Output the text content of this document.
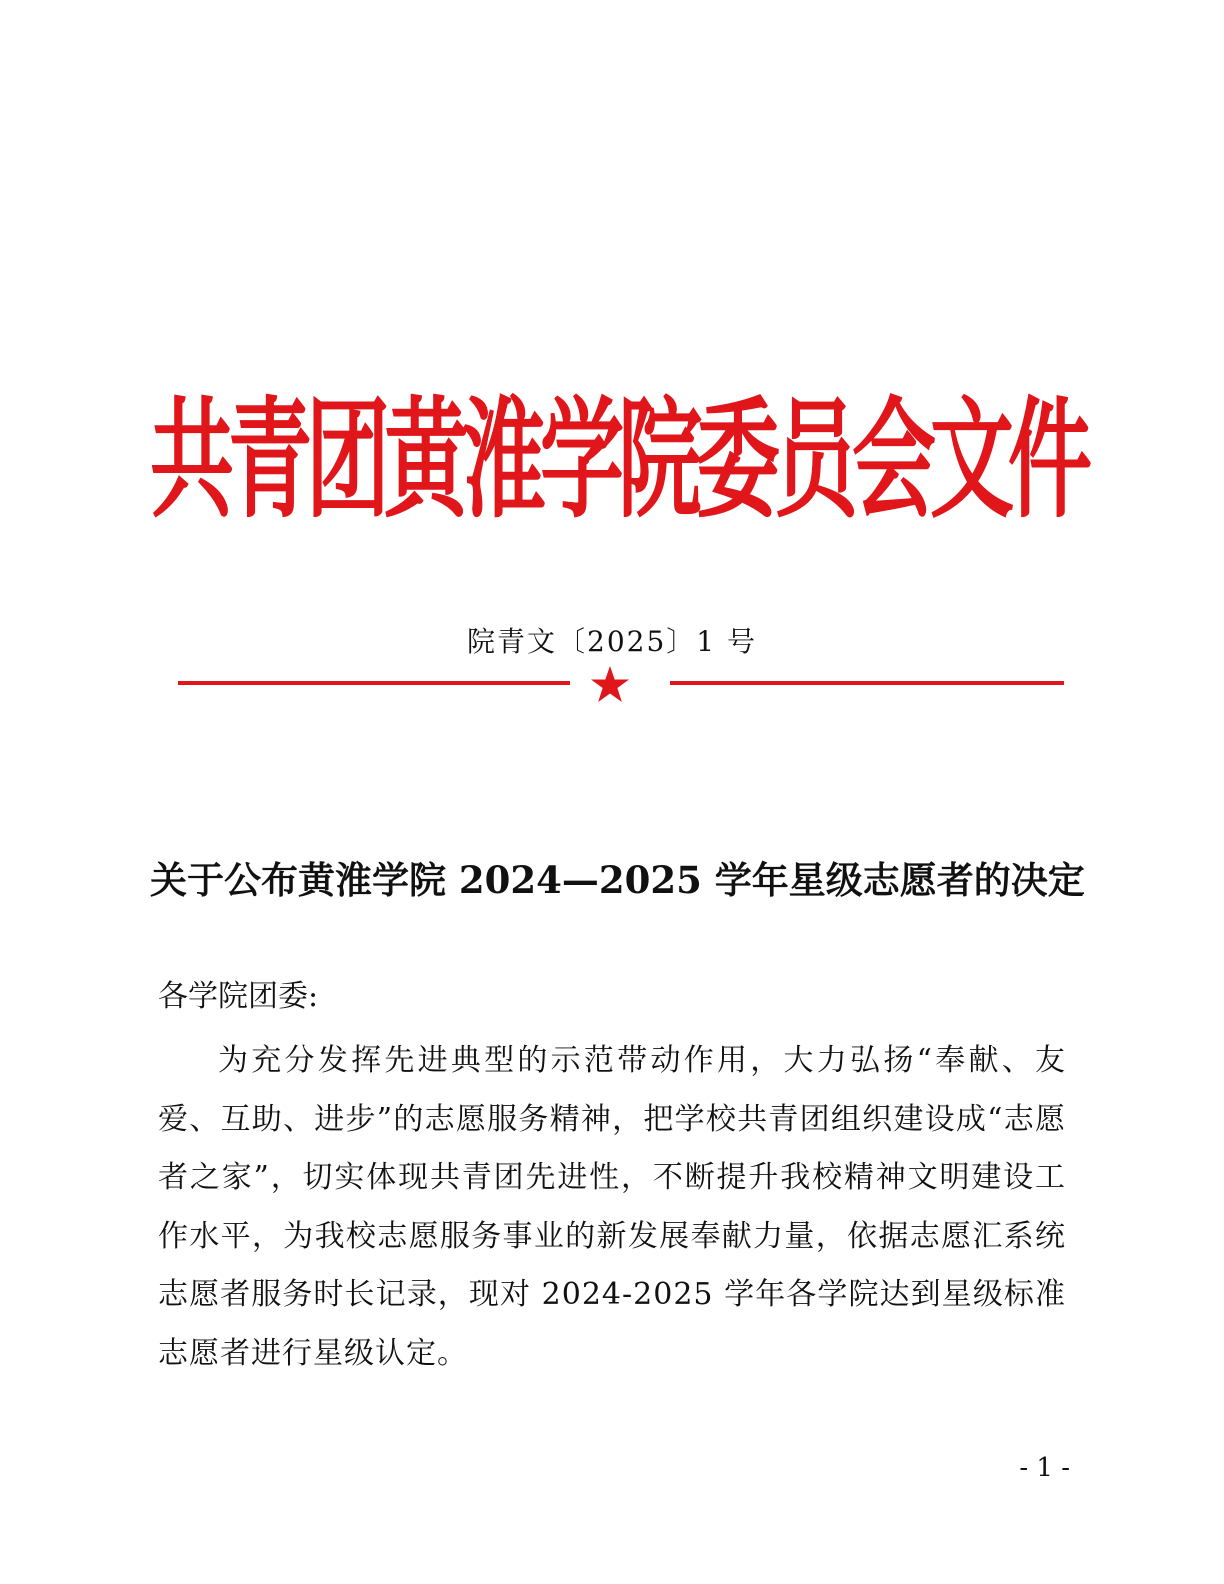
共青团黄淮学院委员会文件
院青文〔2025〕1 号
关于公布黄淮学院 2024—2025 学年星级志愿者的决定
各学院团委:
为充分发挥先进典型的示范带动作用，大力弘扬“奉献、友爱、互助、进步”的志愿服务精神，把学校共青团组织建设成“志愿者之家”，切实体现共青团先进性，不断提升我校精神文明建设工作水平，为我校志愿服务事业的新发展奉献力量，依据志愿汇系统志愿者服务时长记录，现对 2024-2025 学年各学院达到星级标准志愿者进行星级认定。
- 1 -
